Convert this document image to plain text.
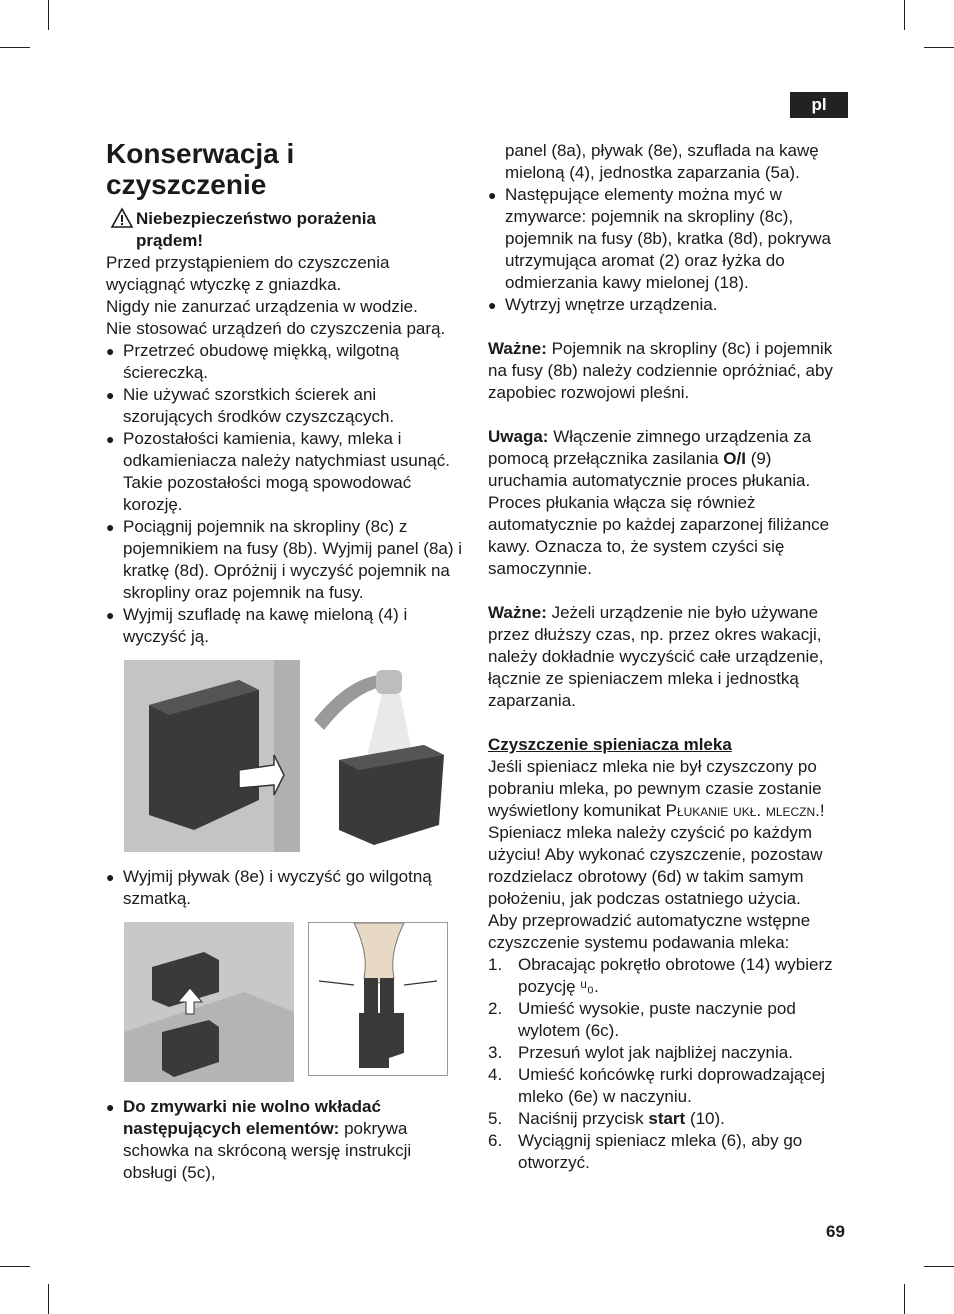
pl
Konserwacja i
czyszczenie

Niebezpieczeństwo porażenia
prądem!

Przed przystąpieniem do czyszczenia wyciągnąć wtyczkę z gniazdka.

Nigdy nie zanurzać urządzenia w wodzie.

Nie stosować urządzeń do czyszczenia parą.

● Przetrzeć obudowę miękką, wilgotną ściereczką.

● Nie używać szorstkich ścierek ani szorujących środków czyszczących.

● Pozostałości kamienia, kawy, mleka i odkamieniacza należy natychmiast usunąć. Takie pozostałości mogą spowodować korozję.

● Pociągnij pojemnik na skropliny (8c) z pojemnikiem na fusy (8b). Wyjmij panel (8a) i kratkę (8d). Opróżnij i wyczyść pojemnik na skropliny oraz pojemnik na fusy.

● Wyjmij szufladę na kawę mieloną (4) i wyczyść ją.

● Wyjmij pływak (8e) i wyczyść go wilgotną szmatką.

● Do zmywarki nie wolno wkładać następujących elementów: pokrywa schowka na skróconą wersję instrukcji obsługi (5c),

panel (8a), pływak (8e), szuflada na kawę mieloną (4), jednostka zaparzania (5a).

● Następujące elementy można myć w zmywarce: pojemnik na skropliny (8c), pojemnik na fusy (8b), kratka (8d), pokrywa utrzymująca aromat (2) oraz łyżka do odmierzania kawy mielonej (18).

● Wytrzyj wnętrze urządzenia.

Ważne: Pojemnik na skropliny (8c) i pojemnik na fusy (8b) należy codziennie opróżniać, aby zapobiec rozwojowi pleśni.

Uwaga: Włączenie zimnego urządzenia za pomocą przełącznika zasilania O/I (9) uruchamia automatycznie proces płukania. Proces płukania włącza się również automatycznie po każdej zaparzonej filiżance kawy. Oznacza to, że system czyści się samoczynnie.

Ważne: Jeżeli urządzenie nie było używane przez dłuższy czas, np. przez okres wakacji, należy dokładnie wyczyścić całe urządzenie, łącznie ze spieniaczem mleka i jednostką zaparzania.

Czyszczenie spieniacza mleka

Jeśli spieniacz mleka nie był czyszczony po pobraniu mleka, po pewnym czasie zostanie wyświetlony komunikat Płukanie ukł. mleczn.! Spieniacz mleka należy czyścić po każdym użyciu! Aby wykonać czyszczenie, pozostaw rozdzielacz obrotowy (6d) w takim samym położeniu, jak podczas ostatniego użycia.

Aby przeprowadzić automatyczne wstępne czyszczenie systemu podawania mleka:

1. Obracając pokrętło obrotowe (14) wybierz pozycję ᵘ₀.

2. Umieść wysokie, puste naczynie pod wylotem (6c).

3. Przesuń wylot jak najbliżej naczynia.

4. Umieść końcówkę rurki doprowadzającej mleko (6e) w naczyniu.

5. Naciśnij przycisk start (10).

6. Wyciągnij spieniacz mleka (6), aby go otworzyć.

69
